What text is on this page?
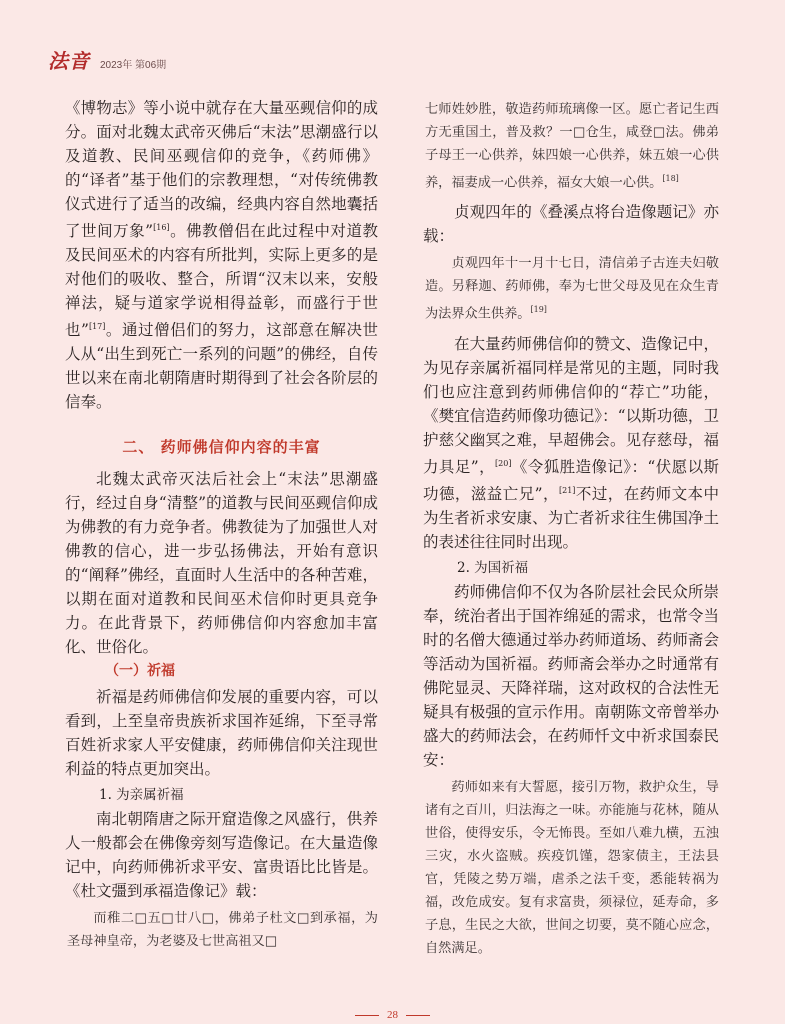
法音 2023年 第06期

《博物志》等小说中就存在大量巫觋信仰的成分。面对北魏太武帝灭佛后“末法”思潮盛行以及道教、民间巫觋信仰的竞争，《药师佛》的“译者”基于他们的宗教理想，“对传统佛教仪式进行了适当的改编，经典内容自然地囊括了世间万象”[16]。佛教僧侣在此过程中对道教及民间巫术的内容有所批判，实际上更多的是对他们的吸收、整合，所谓“汉末以来，安般禅法，疑与道家学说相得益彰，而盛行于世也”[17]。通过僧侣们的努力，这部意在解决世人从“出生到死亡一系列的问题”的佛经，自传世以来在南北朝隋唐时期得到了社会各阶层的信奉。

二、 药师佛信仰内容的丰富

北魏太武帝灭法后社会上“末法”思潮盛行，经过自身“清整”的道教与民间巫觋信仰成为佛教的有力竞争者。佛教徒为了加强世人对佛教的信心，进一步弘扬佛法，开始有意识的“阐释”佛经，直面时人生活中的各种苦难，以期在面对道教和民间巫术信仰时更具竞争力。在此背景下，药师佛信仰内容愈加丰富化、世俗化。

（一）祈福

祈福是药师佛信仰发展的重要内容，可以看到，上至皇帝贵族祈求国祚延绵，下至寻常百姓祈求家人平安健康，药师佛信仰关注现世利益的特点更加突出。

1. 为亲属祈福

南北朝隋唐之际开窟造像之风盛行，供养人一般都会在佛像旁刻写造像记。在大量造像记中，向药师佛祈求平安、富贵语比比皆是。《杜文彊到承福造像记》载：

而稚二□五□廿八□，佛弟子杜文□到承福，为圣母神皇帝，为老婆及七世高祖又□

七师姓妙胜，敬造药师琉璃像一区。愿亡者记生西方无重国土，普及救？一□仓生，咸登□法。佛弟子母王一心供养，妹四娘一心供养，妹五娘一心供养，福妻成一心供养，福女大娘一心供。[18]

贞观四年的《叠溪点将台造像题记》亦载：

贞观四年十一月十七日，清信弟子古连夫妇敬造。另释迦、药师佛，奉为七世父母及见在众生青为法界众生供养。[19]

在大量药师佛信仰的赞文、造像记中，为见存亲属祈福同样是常见的主题，同时我们也应注意到药师佛信仰的“荐亡”功能，《樊宜信造药师像功德记》：“以斯功德，卫护慈父幽冥之难，早超佛会。见存慈母，福力具足”，[20]《令狐胜造像记》：“伏愿以斯功德，滋益亡兄”，[21]不过，在药师文本中为生者祈求安康、为亡者祈求往生佛国净土的表述往往同时出现。

2. 为国祈福

药师佛信仰不仅为各阶层社会民众所崇奉，统治者出于国祚绵延的需求，也常令当时的名僧大德通过举办药师道场、药师斋会等活动为国祈福。药师斋会举办之时通常有佛陀显灵、天降祥瑞，这对政权的合法性无疑具有极强的宣示作用。南朝陈文帝曾举办盛大的药师法会，在药师忏文中祈求国泰民安：

药师如来有大誓愿，接引万物，救护众生，导诸有之百川，归法海之一味。亦能施与花林，随从世俗，使得安乐，令无怖畏。至如八难九横，五浊三灾，水火盗贼。疾疫饥馑，怨家债主，王法县官，凭陵之势万端，虐杀之法千变，悉能转祸为福，改危成安。复有求富贵，须禄位，延寿命，多子息，生民之大欲，世间之切要，莫不随心应念，自然满足。

28
